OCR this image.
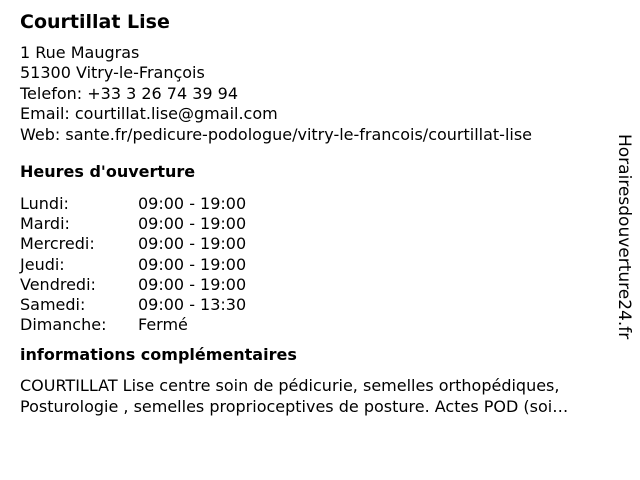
Courtillat Lise
1 Rue Maugras
51300 Vitry-le-François
Telefon: +33 3 26 74 39 94
Email: courtillat.lise@gmail.com
Web: sante.fr/pedicure-podologue/vitry-le-francois/courtillat-lise
Heures d'ouverture
Lundi:	09:00 - 19:00
Mardi:	09:00 - 19:00
Mercredi:	09:00 - 19:00
Jeudi:	09:00 - 19:00
Vendredi:	09:00 - 19:00
Samedi:	09:00 - 13:30
Dimanche:	Fermé
informations complémentaires
COURTILLAT Lise centre soin de pédicurie, semelles orthopédiques,
Posturologie , semelles proprioceptives de posture. Actes POD (soi…
Horairesdouverture24.fr
